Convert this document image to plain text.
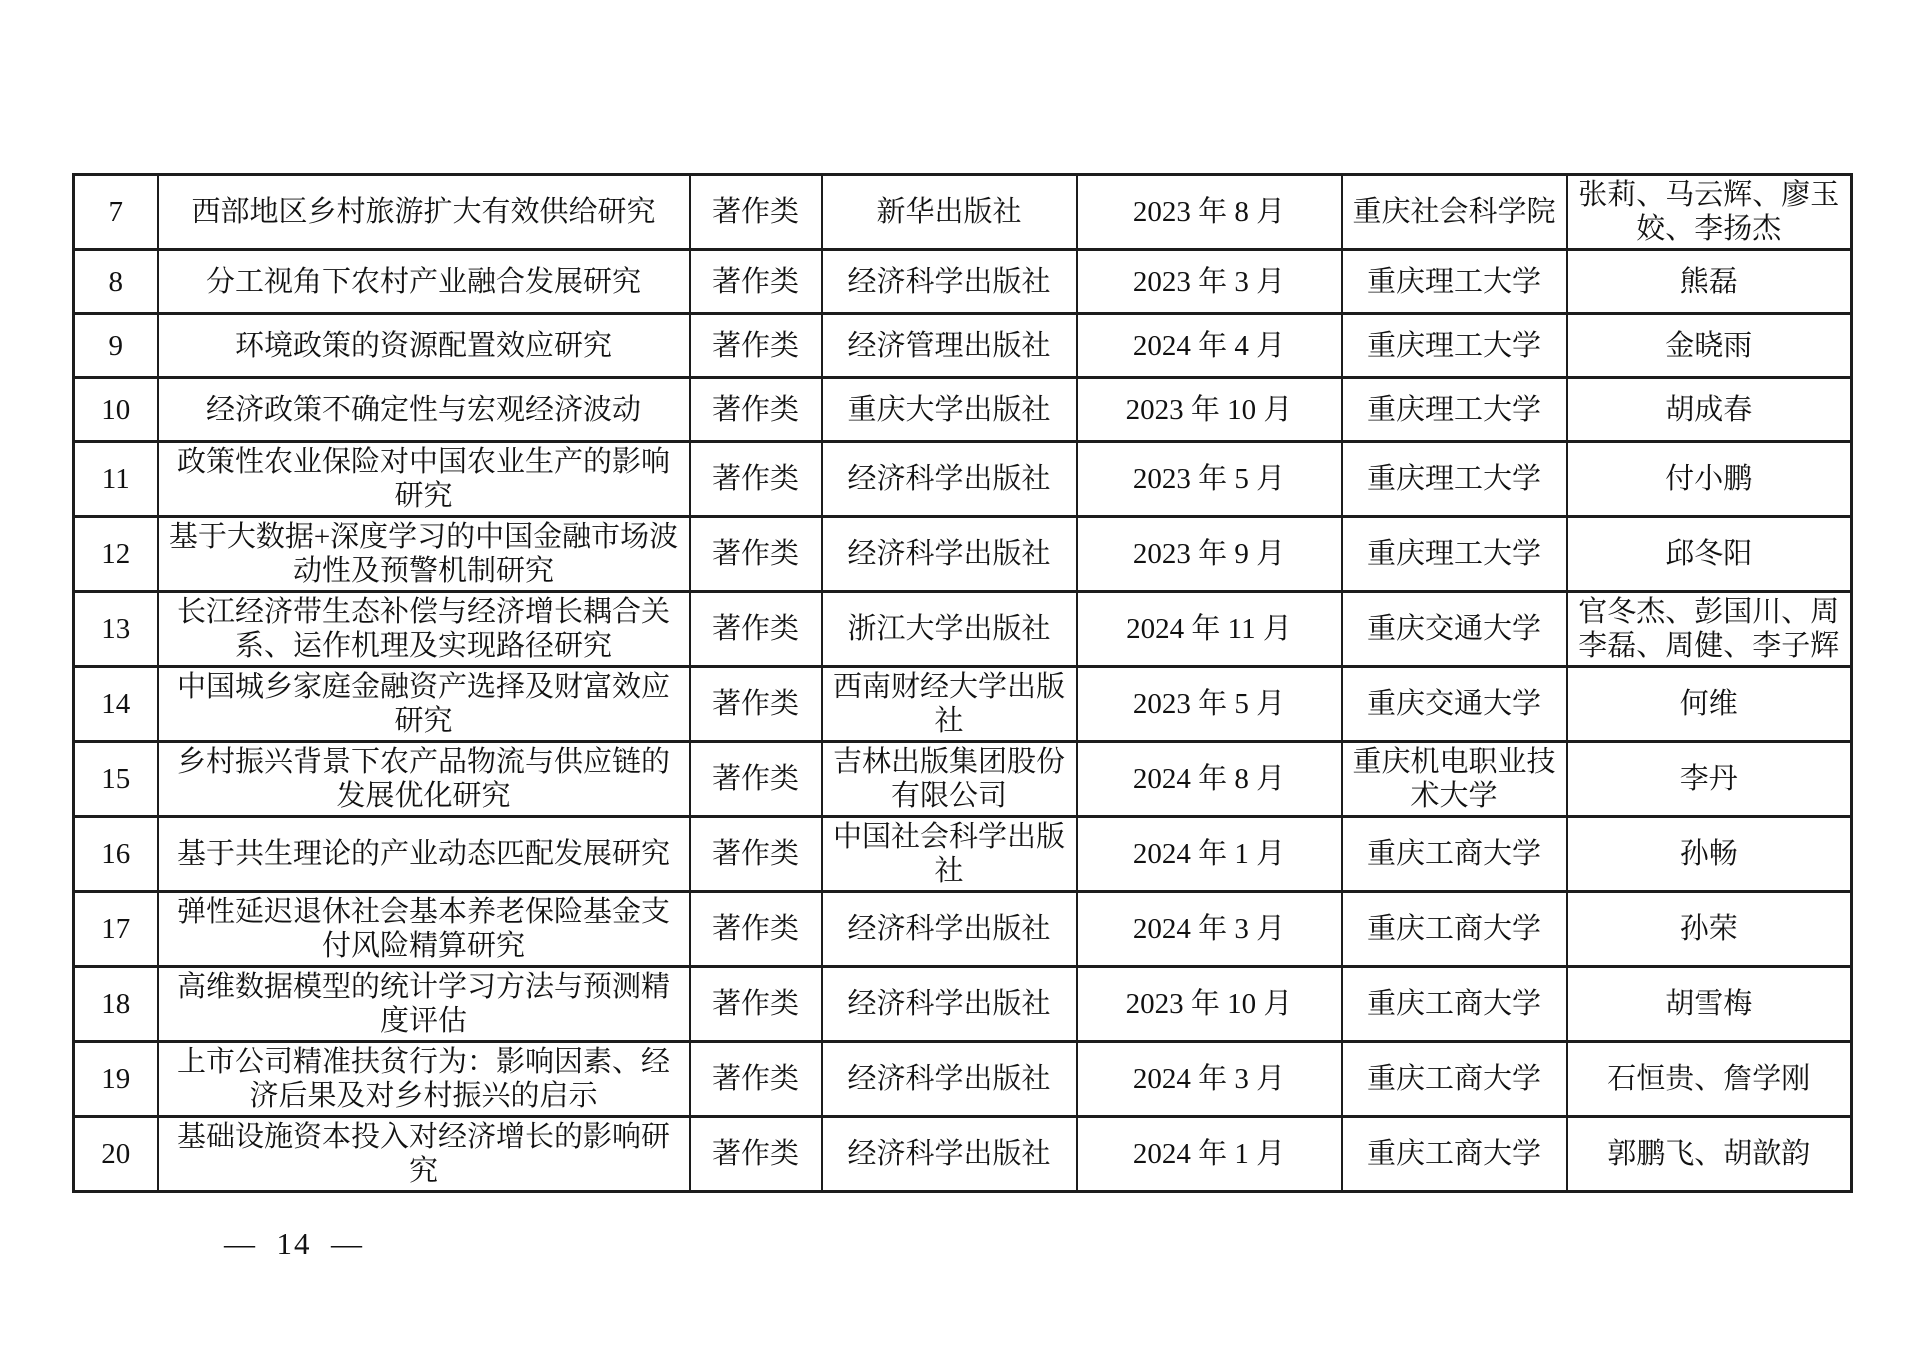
7	西部地区乡村旅游扩大有效供给研究	著作类	新华出版社	2023 年 8 月	重庆社会科学院	张莉、马云辉、廖玉姣、李扬杰
8	分工视角下农村产业融合发展研究	著作类	经济科学出版社	2023 年 3 月	重庆理工大学	熊磊
9	环境政策的资源配置效应研究	著作类	经济管理出版社	2024 年 4 月	重庆理工大学	金晓雨
10	经济政策不确定性与宏观经济波动	著作类	重庆大学出版社	2023 年 10 月	重庆理工大学	胡成春
11	政策性农业保险对中国农业生产的影响研究	著作类	经济科学出版社	2023 年 5 月	重庆理工大学	付小鹏
12	基于大数据+深度学习的中国金融市场波动性及预警机制研究	著作类	经济科学出版社	2023 年 9 月	重庆理工大学	邱冬阳
13	长江经济带生态补偿与经济增长耦合关系、运作机理及实现路径研究	著作类	浙江大学出版社	2024 年 11 月	重庆交通大学	官冬杰、彭国川、周李磊、周健、李子辉
14	中国城乡家庭金融资产选择及财富效应研究	著作类	西南财经大学出版社	2023 年 5 月	重庆交通大学	何维
15	乡村振兴背景下农产品物流与供应链的发展优化研究	著作类	吉林出版集团股份有限公司	2024 年 8 月	重庆机电职业技术大学	李丹
16	基于共生理论的产业动态匹配发展研究	著作类	中国社会科学出版社	2024 年 1 月	重庆工商大学	孙畅
17	弹性延迟退休社会基本养老保险基金支付风险精算研究	著作类	经济科学出版社	2024 年 3 月	重庆工商大学	孙荣
18	高维数据模型的统计学习方法与预测精度评估	著作类	经济科学出版社	2023 年 10 月	重庆工商大学	胡雪梅
19	上市公司精准扶贫行为：影响因素、经济后果及对乡村振兴的启示	著作类	经济科学出版社	2024 年 3 月	重庆工商大学	石恒贵、詹学刚
20	基础设施资本投入对经济增长的影响研究	著作类	经济科学出版社	2024 年 1 月	重庆工商大学	郭鹏飞、胡歆韵
—  14  —
